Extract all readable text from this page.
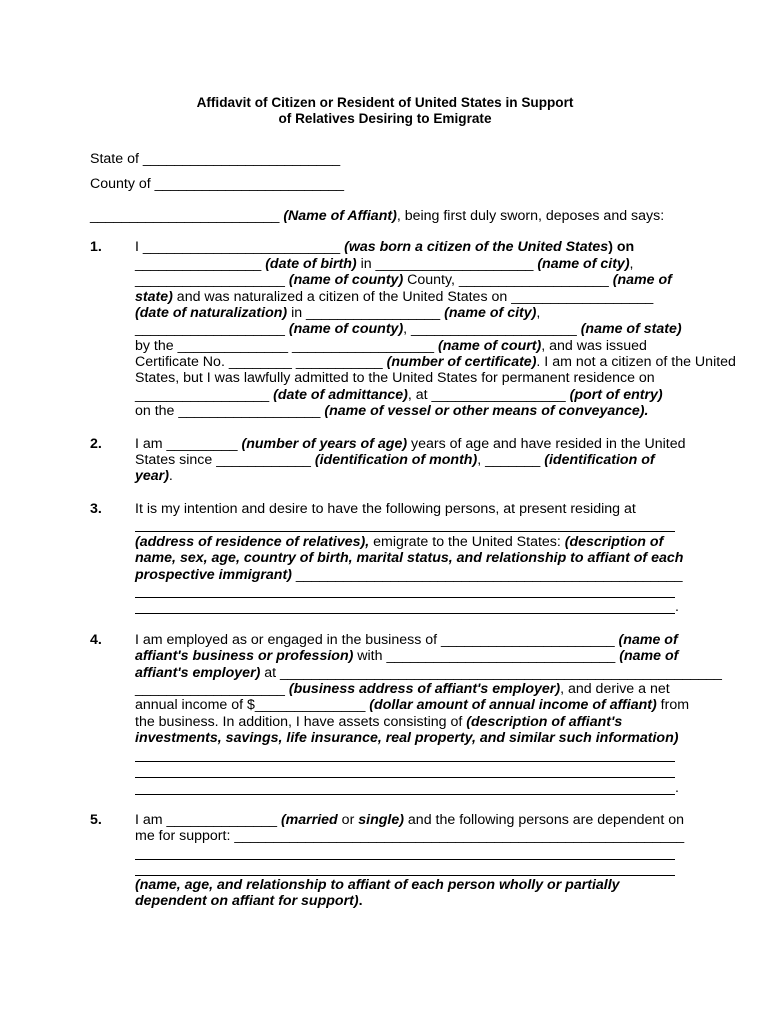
Affidavit of Citizen or Resident of United States in Support
of Relatives Desiring to Emigrate
State of _________________________
County of ________________________
________________________ (Name of Affiant), being first duly sworn, deposes and says:
1. I _________________________ (was born a citizen of the United States) on
________________ (date of birth) in ____________________ (name of city),
___________________ (name of county) County, ___________________ (name of
state) and was naturalized a citizen of the United States on __________________
(date of naturalization) in _________________ (name of city),
___________________ (name of county), _____________________ (name of state)
by the ______________ __________________ (name of court), and was issued
Certificate No. ________ ___________ (number of certificate). I am not a citizen of the United
States, but I was lawfully admitted to the United States for permanent residence on
_________________ (date of admittance), at _________________ (port of entry)
on the __________________ (name of vessel or other means of conveyance).
2. I am _________ (number of years of age) years of age and have resided in the United
States since ____________ (identification of month), _______ (identification of
year).
3. It is my intention and desire to have the following persons, at present residing at
(address of residence of relatives), emigrate to the United States: (description of
name, sex, age, country of birth, marital status, and relationship to affiant of each
prospective immigrant) _________________________________________________
.
4. I am employed as or engaged in the business of ______________________ (name of
affiant's business or profession) with _____________________________ (name of
affiant's employer) at ________________________________________________________
___________________ (business address of affiant's employer), and derive a net
annual income of $______________ (dollar amount of annual income of affiant) from
the business. In addition, I have assets consisting of (description of affiant's
investments, savings, life insurance, real property, and similar such information)
.
5. I am ______________ (married or single) and the following persons are dependent on
me for support: _________________________________________________________
(name, age, and relationship to affiant of each person wholly or partially
dependent on affiant for support).
